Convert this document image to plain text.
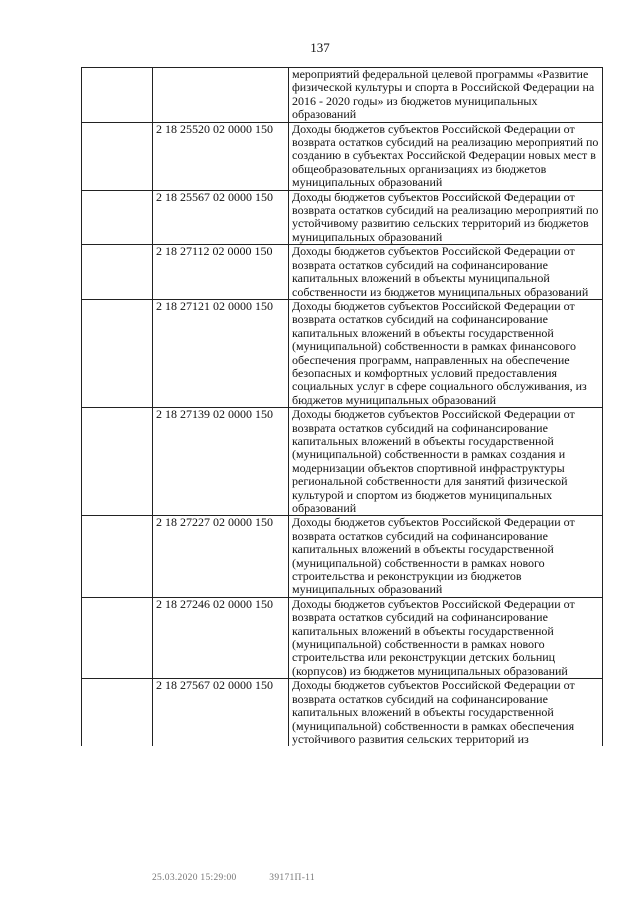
137
		мероприятий федеральной целевой программы «Развитие физической культуры и спорта в Российской Федерации на 2016 - 2020 годы» из бюджетов муниципальных образований
	2 18 25520 02 0000 150	Доходы бюджетов субъектов Российской Федерации от возврата остатков субсидий на реализацию мероприятий по созданию в субъектах Российской Федерации новых мест в общеобразовательных организациях из бюджетов муниципальных образований
	2 18 25567 02 0000 150	Доходы бюджетов субъектов Российской Федерации от возврата остатков субсидий на реализацию мероприятий по устойчивому развитию сельских территорий из бюджетов муниципальных образований
	2 18 27112 02 0000 150	Доходы бюджетов субъектов Российской Федерации от возврата остатков субсидий на софинансирование капитальных вложений в объекты муниципальной собственности из бюджетов муниципальных образований
	2 18 27121 02 0000 150	Доходы бюджетов субъектов Российской Федерации от возврата остатков субсидий на софинансирование капитальных вложений в объекты государственной (муниципальной) собственности в рамках финансового обеспечения программ, направленных на обеспечение безопасных и комфортных условий предоставления социальных услуг в сфере социального обслуживания, из бюджетов муниципальных образований
	2 18 27139 02 0000 150	Доходы бюджетов субъектов Российской Федерации от возврата остатков субсидий на софинансирование капитальных вложений в объекты государственной (муниципальной) собственности в рамках создания и модернизации объектов спортивной инфраструктуры региональной собственности для занятий физической культурой и спортом из бюджетов муниципальных образований
	2 18 27227 02 0000 150	Доходы бюджетов субъектов Российской Федерации от возврата остатков субсидий на софинансирование капитальных вложений в объекты государственной (муниципальной) собственности в рамках нового строительства и реконструкции из бюджетов муниципальных образований
	2 18 27246 02 0000 150	Доходы бюджетов субъектов Российской Федерации от возврата остатков субсидий на софинансирование капитальных вложений в объекты государственной (муниципальной) собственности в рамках нового строительства или реконструкции детских больниц (корпусов) из бюджетов муниципальных образований
	2 18 27567 02 0000 150	Доходы бюджетов субъектов Российской Федерации от возврата остатков субсидий на софинансирование капитальных вложений в объекты государственной (муниципальной) собственности в рамках обеспечения устойчивого развития сельских территорий из
25.03.2020 15:29:00	39171П-11
